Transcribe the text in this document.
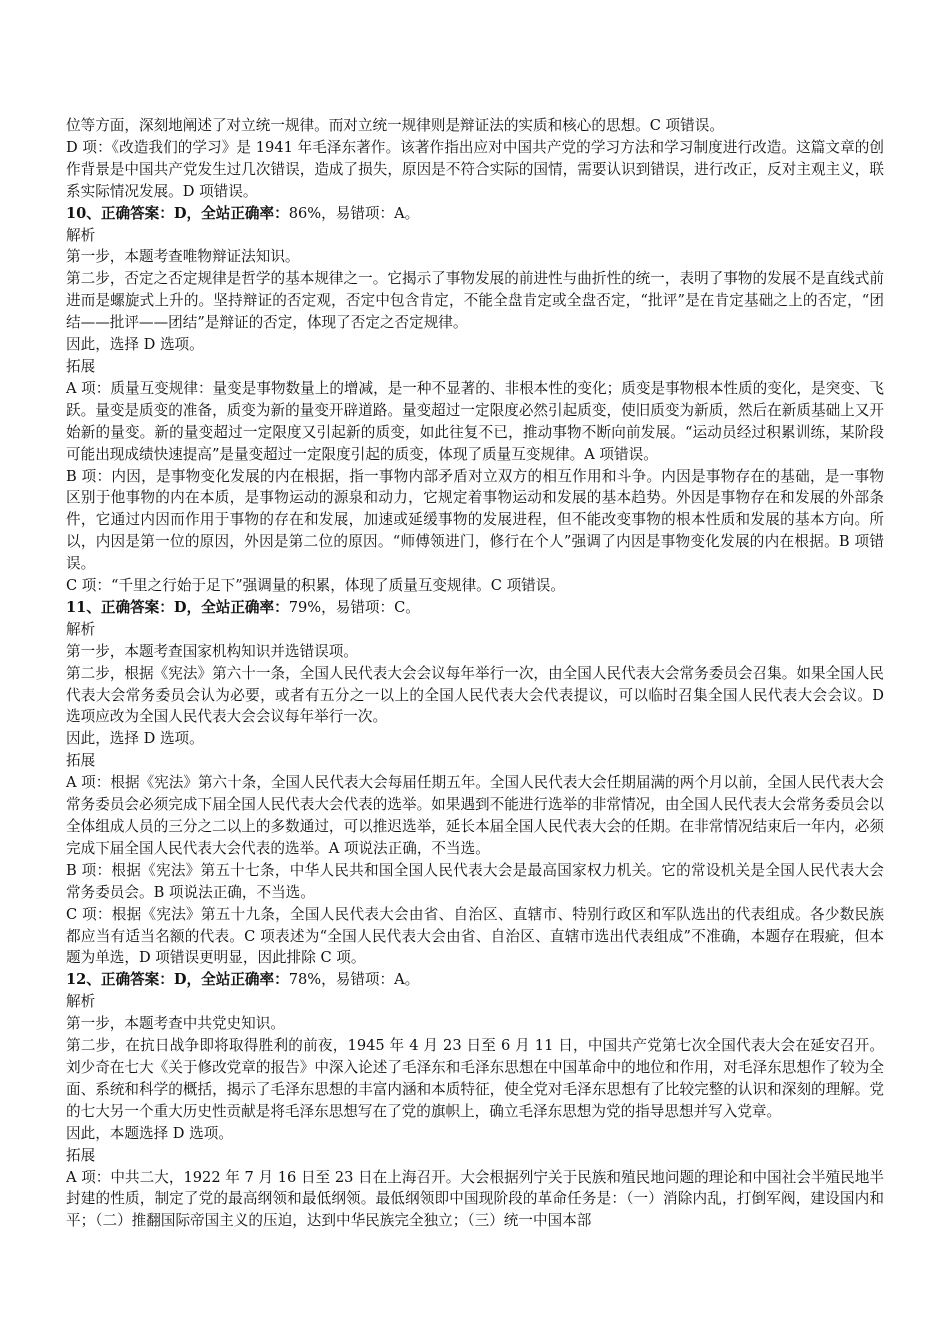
位等方面，深刻地阐述了对立统一规律。而对立统一规律则是辩证法的实质和核心的思想。C 项错误。

D 项：《改造我们的学习》是 1941 年毛泽东著作。该著作指出应对中国共产党的学习方法和学习制度进行改造。这篇文章的创作背景是中国共产党发生过几次错误，造成了损失，原因是不符合实际的国情，需要认识到错误，进行改正，反对主观主义，联系实际情况发展。D 项错误。

10、正确答案：D，全站正确率：86%，易错项：A。

解析

第一步，本题考查唯物辩证法知识。

第二步，否定之否定规律是哲学的基本规律之一。它揭示了事物发展的前进性与曲折性的统一，表明了事物的发展不是直线式前进而是螺旋式上升的。坚持辩证的否定观，否定中包含肯定，不能全盘肯定或全盘否定，“批评”是在肯定基础之上的否定，“团结——批评——团结”是辩证的否定，体现了否定之否定规律。

因此，选择 D 选项。

拓展

A 项：质量互变规律：量变是事物数量上的增减，是一种不显著的、非根本性的变化；质变是事物根本性质的变化，是突变、飞跃。量变是质变的准备，质变为新的量变开辟道路。量变超过一定限度必然引起质变，使旧质变为新质，然后在新质基础上又开始新的量变。新的量变超过一定限度又引起新的质变，如此往复不已，推动事物不断向前发展。“运动员经过积累训练，某阶段可能出现成绩快速提高”是量变超过一定限度引起的质变，体现了质量互变规律。A 项错误。

B 项：内因，是事物变化发展的内在根据，指一事物内部矛盾对立双方的相互作用和斗争。内因是事物存在的基础，是一事物区别于他事物的内在本质，是事物运动的源泉和动力，它规定着事物运动和发展的基本趋势。外因是事物存在和发展的外部条件，它通过内因而作用于事物的存在和发展，加速或延缓事物的发展进程，但不能改变事物的根本性质和发展的基本方向。所以，内因是第一位的原因，外因是第二位的原因。“师傅领进门，修行在个人”强调了内因是事物变化发展的内在根据。B 项错误。

C 项：“千里之行始于足下”强调量的积累，体现了质量互变规律。C 项错误。

11、正确答案：D，全站正确率：79%，易错项：C。

解析

第一步，本题考查国家机构知识并选错误项。

第二步，根据《宪法》第六十一条，全国人民代表大会会议每年举行一次，由全国人民代表大会常务委员会召集。如果全国人民代表大会常务委员会认为必要，或者有五分之一以上的全国人民代表大会代表提议，可以临时召集全国人民代表大会会议。D 选项应改为全国人民代表大会会议每年举行一次。

因此，选择 D 选项。

拓展

A 项：根据《宪法》第六十条，全国人民代表大会每届任期五年。全国人民代表大会任期届满的两个月以前，全国人民代表大会常务委员会必须完成下届全国人民代表大会代表的选举。如果遇到不能进行选举的非常情况，由全国人民代表大会常务委员会以全体组成人员的三分之二以上的多数通过，可以推迟选举，延长本届全国人民代表大会的任期。在非常情况结束后一年内，必须完成下届全国人民代表大会代表的选举。A 项说法正确，不当选。

B 项：根据《宪法》第五十七条，中华人民共和国全国人民代表大会是最高国家权力机关。它的常设机关是全国人民代表大会常务委员会。B 项说法正确，不当选。

C 项：根据《宪法》第五十九条，全国人民代表大会由省、自治区、直辖市、特别行政区和军队选出的代表组成。各少数民族都应当有适当名额的代表。C 项表述为“全国人民代表大会由省、自治区、直辖市选出代表组成”不准确，本题存在瑕疵，但本题为单选，D 项错误更明显，因此排除 C 项。

12、正确答案：D，全站正确率：78%，易错项：A。

解析

第一步，本题考查中共党史知识。

第二步，在抗日战争即将取得胜利的前夜，1945 年 4 月 23 日至 6 月 11 日，中国共产党第七次全国代表大会在延安召开。刘少奇在七大《关于修改党章的报告》中深入论述了毛泽东和毛泽东思想在中国革命中的地位和作用，对毛泽东思想作了较为全面、系统和科学的概括，揭示了毛泽东思想的丰富内涵和本质特征，使全党对毛泽东思想有了比较完整的认识和深刻的理解。党的七大另一个重大历史性贡献是将毛泽东思想写在了党的旗帜上，确立毛泽东思想为党的指导思想并写入党章。

因此，本题选择 D 选项。

拓展

A 项：中共二大，1922 年 7 月 16 日至 23 日在上海召开。大会根据列宁关于民族和殖民地问题的理论和中国社会半殖民地半封建的性质，制定了党的最高纲领和最低纲领。最低纲领即中国现阶段的革命任务是：（一）消除内乱，打倒军阀，建设国内和平；（二）推翻国际帝国主义的压迫，达到中华民族完全独立；（三）统一中国本部
